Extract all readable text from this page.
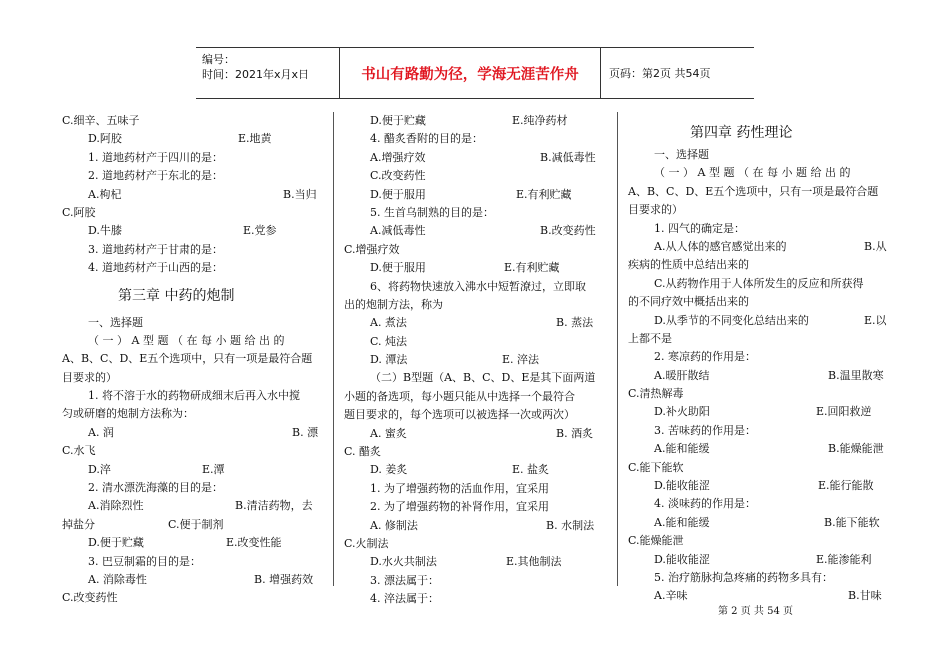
编号：
时间：2021年x月x日	书山有路勤为径，学海无涯苦作舟	页码：第2页 共54页
C.细辛、五味子
D.阿胶	E.地黄
1. 道地药材产于四川的是：
2. 道地药材产于东北的是：
A.枸杞	B.当归
C.阿胶
D.牛膝	E.党参
3. 道地药材产于甘肃的是：
4. 道地药材产于山西的是：
第三章 中药的炮制
一、选择题
（一）A型题（在每小题给出的
A、B、C、D、E五个选项中，只有一项是最符合题
目要求的）
1. 将不溶于水的药物研成细末后再入水中搅
匀或研磨的炮制方法称为：
A. 润	B. 漂
C.水飞
D.淬	E.潭
2. 清水漂洗海藻的目的是：
A.消除烈性	B.清洁药物，去
掉盐分	C.便于制剂
D.便于贮藏	E.改变性能
3. 巴豆制霜的目的是：
A. 消除毒性	B. 增强药效
C.改变药性
D.便于贮藏	E.纯净药材
4. 醋炙香附的目的是：
A.增强疗效	B.减低毒性
C.改变药性
D.便于服用	E.有利贮藏
5. 生首乌制熟的目的是：
A.减低毒性	B.改变药性
C.增强疗效
D.便于服用	E.有利贮藏
6、将药物快速放入沸水中短暂潦过，立即取
出的炮制方法，称为
A. 煮法	B. 蒸法
C. 炖法
D. 潭法	E. 淬法
（二）B型题（A、B、C、D、E是其下面两道
小题的备选项，每小题只能从中选择一个最符合
题目要求的，每个选项可以被选择一次或两次）
A. 蜜炙	B. 酒炙
C. 醋炙
D. 姜炙	E. 盐炙
1. 为了增强药物的活血作用，宜采用
2. 为了增强药物的补肾作用，宜采用
A. 修制法	B. 水制法
C.火制法
D.水火共制法	E.其他制法
3. 漂法属于：
4. 淬法属于：
第四章 药性理论
一、选择题
（一）A型题（在每小题给出的
A、B、C、D、E五个选项中，只有一项是最符合题
目要求的）
1. 四气的确定是：
A.从人体的感官感觉出来的	B.从
疾病的性质中总结出来的
C.从药物作用于人体所发生的反应和所获得
的不同疗效中概括出来的
D.从季节的不同变化总结出来的	E.以
上都不是
2. 寒凉药的作用是：
A.暖肝散结	B.温里散寒
C.清热解毒
D.补火助阳	E.回阳救逆
3. 苦味药的作用是：
A.能和能缓	B.能燥能泄
C.能下能软
D.能收能涩	E.能行能散
4. 淡味药的作用是：
A.能和能缓	B.能下能软
C.能燥能泄
D.能收能涩	E.能渗能利
5. 治疗筋脉拘急疼痛的药物多具有：
A.辛味	B.甘味
第 2 页 共 54 页
